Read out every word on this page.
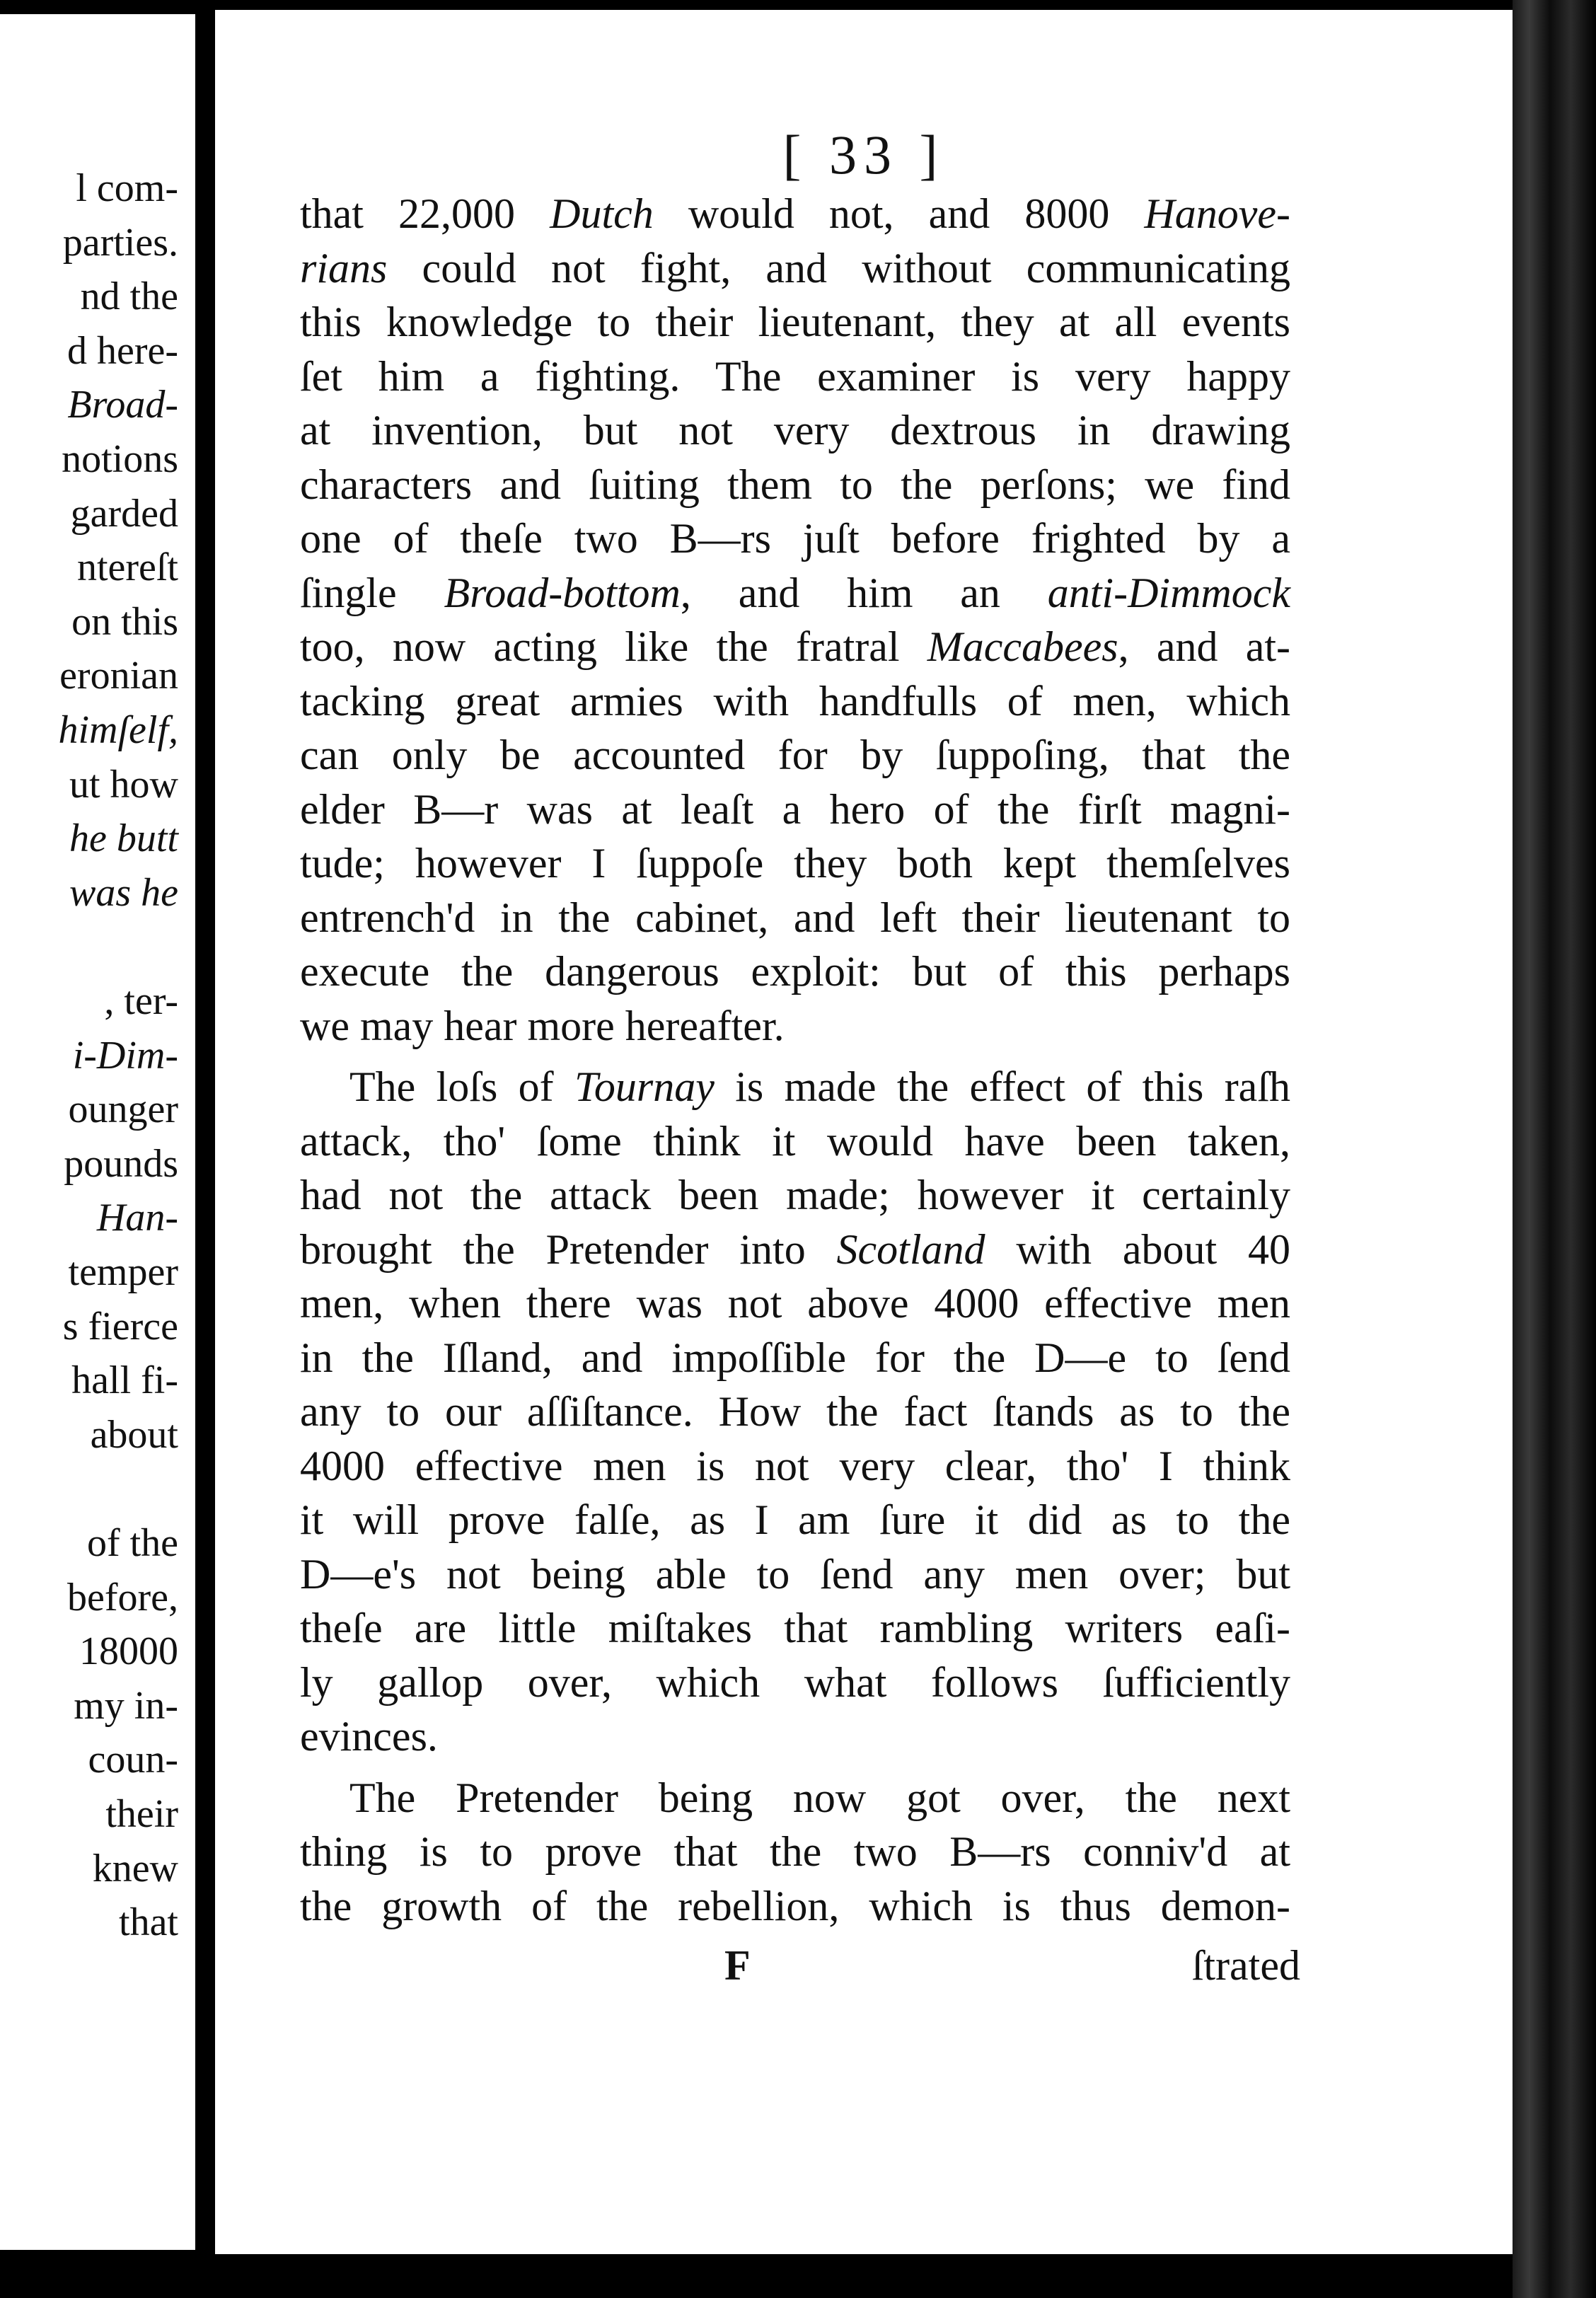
l com-
parties.
nd the
d here-
Broad-
notions
garded
ntereſt
on this
eronian
himſelf,
ut how
he butt
was he
, ter-
i-Dim-
ounger
pounds
Han-
temper
s fierce
hall fi-
about
of the
before,
18000
my in-
coun-
their
knew
that
[ 33 ]
that 22,000 Dutch would not, and 8000 Hanove-
rians could not fight, and without communicating
this knowledge to their lieutenant, they at all events
ſet him a fighting. The examiner is very happy
at invention, but not very dextrous in drawing
characters and ſuiting them to the perſons; we find
one of theſe two B—rs juſt before frighted by a
ſingle Broad-bottom, and him an anti-Dimmock
too, now acting like the fratral Maccabees, and at-
tacking great armies with handfulls of men, which
can only be accounted for by ſuppoſing, that the
elder B—r was at leaſt a hero of the firſt magni-
tude; however I ſuppoſe they both kept themſelves
entrench'd in the cabinet, and left their lieutenant to
execute the dangerous exploit: but of this perhaps
we may hear more hereafter.
The loſs of Tournay is made the effect of this raſh
attack, tho' ſome think it would have been taken,
had not the attack been made; however it certainly
brought the Pretender into Scotland with about 40
men, when there was not above 4000 effective men
in the Iſland, and impoſſible for the D—e to ſend
any to our aſſiſtance. How the fact ſtands as to the
4000 effective men is not very clear, tho' I think
it will prove falſe, as I am ſure it did as to the
D—e's not being able to ſend any men over; but
theſe are little miſtakes that rambling writers eaſi-
ly gallop over, which what follows ſufficiently
evinces.
The Pretender being now got over, the next
thing is to prove that the two B—rs conniv'd at
the growth of the rebellion, which is thus demon-
F	ſtrated
